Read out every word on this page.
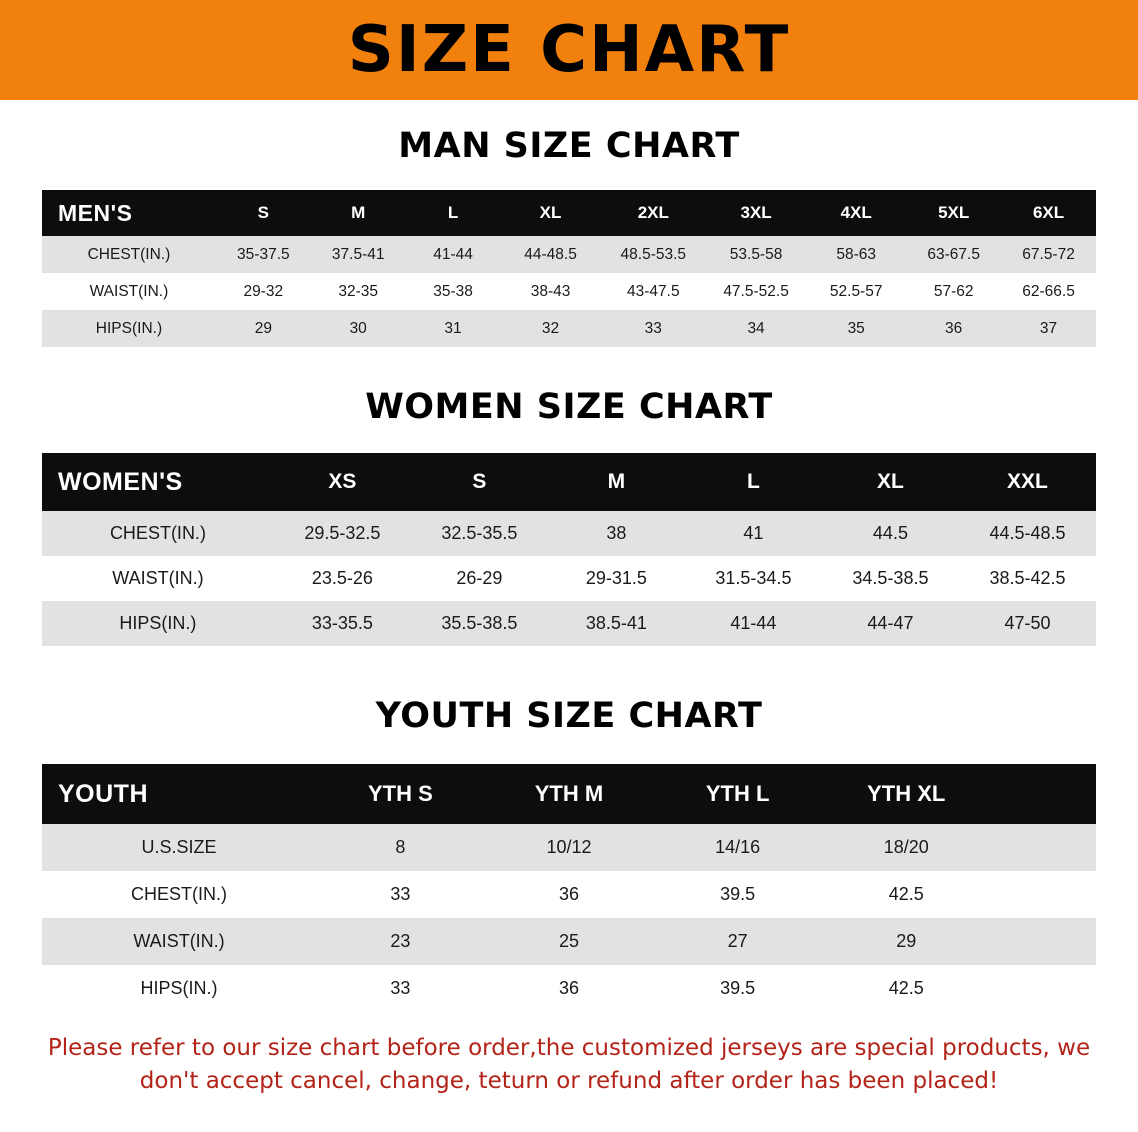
SIZE CHART
MAN SIZE CHART
MEN'S	S	M	L	XL	2XL	3XL	4XL	5XL	6XL
CHEST(IN.)	35-37.5	37.5-41	41-44	44-48.5	48.5-53.5	53.5-58	58-63	63-67.5	67.5-72
WAIST(IN.)	29-32	32-35	35-38	38-43	43-47.5	47.5-52.5	52.5-57	57-62	62-66.5
HIPS(IN.)	29	30	31	32	33	34	35	36	37
WOMEN SIZE CHART
WOMEN'S	XS	S	M	L	XL	XXL
CHEST(IN.)	29.5-32.5	32.5-35.5	38	41	44.5	44.5-48.5
WAIST(IN.)	23.5-26	26-29	29-31.5	31.5-34.5	34.5-38.5	38.5-42.5
HIPS(IN.)	33-35.5	35.5-38.5	38.5-41	41-44	44-47	47-50
YOUTH SIZE CHART
YOUTH	YTH S	YTH M	YTH L	YTH XL	
U.S.SIZE	8	10/12	14/16	18/20	
CHEST(IN.)	33	36	39.5	42.5	
WAIST(IN.)	23	25	27	29	
HIPS(IN.)	33	36	39.5	42.5	
Please refer to our size chart before order,the customized jerseys are special products, we don't accept cancel, change, teturn or refund after order has been placed!
